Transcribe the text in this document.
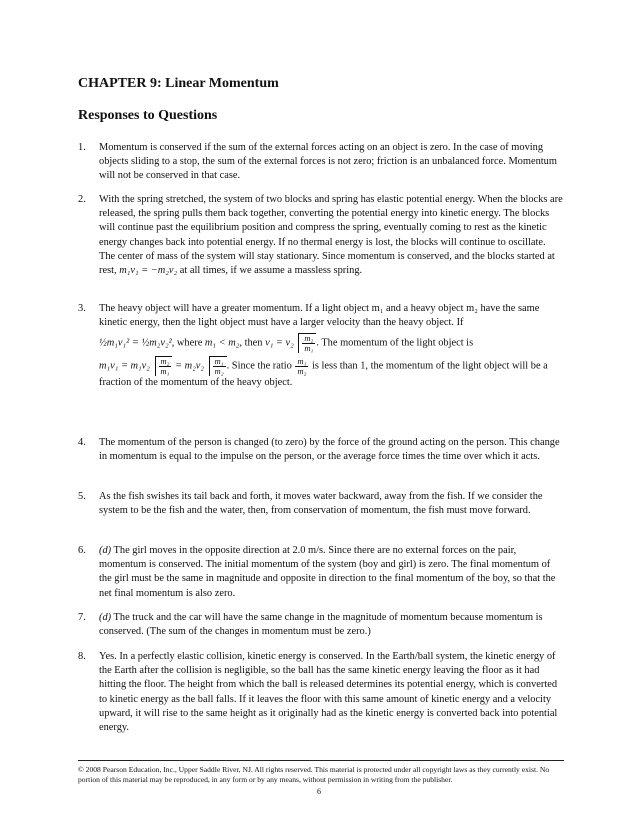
CHAPTER 9: Linear Momentum
Responses to Questions
1. Momentum is conserved if the sum of the external forces acting on an object is zero. In the case of moving objects sliding to a stop, the sum of the external forces is not zero; friction is an unbalanced force. Momentum will not be conserved in that case.

2. With the spring stretched, the system of two blocks and spring has elastic potential energy. When the blocks are released, the spring pulls them back together, converting the potential energy into kinetic energy. The blocks will continue past the equilibrium position and compress the spring, eventually coming to rest as the kinetic energy changes back into potential energy. If no thermal energy is lost, the blocks will continue to oscillate. The center of mass of the system will stay stationary. Since momentum is conserved, and the blocks started at rest, m₁v₁ = −m₂v₂ at all times, if we assume a massless spring.

3. The heavy object will have a greater momentum. If a light object m₁ and a heavy object m₂ have the same kinetic energy, then the light object must have a larger velocity than the heavy object. If

½m₁v₁² = ½m₂v₂², where m₁ < m₂, then $v_1 = v_2 \frac{\text{m₂}}{\text{m₁}}$ . The momentum of the light object is
$m_1v_1 = m_1v_2 \frac{\text{m₂}}{\text{m₁}} = m_2v_2 \frac{\text{m₁}}{\text{m₂}}$ . Since the ratio $\frac{\text{m₁}}{\text{m₂}}$ is less than 1, the momentum of the light object will be a fraction of the momentum of the heavy object.
4. The momentum of the person is changed (to zero) by the force of the ground acting on the person. This change in momentum is equal to the impulse on the person, or the average force times the time over which it acts.

5. As the fish swishes its tail back and forth, it moves water backward, away from the fish. If we consider the system to be the fish and the water, then, from conservation of momentum, the fish must move forward.

6. (d) The girl moves in the opposite direction at 2.0 m/s. Since there are no external forces on the pair, momentum is conserved. The initial momentum of the system (boy and girl) is zero. The final momentum of the girl must be the same in magnitude and opposite in direction to the final momentum of the boy, so that the net final momentum is also zero.

7. (d) The truck and the car will have the same change in the magnitude of momentum because momentum is conserved. (The sum of the changes in momentum must be zero.)

8. Yes. In a perfectly elastic collision, kinetic energy is conserved. In the Earth/ball system, the kinetic energy of the Earth after the collision is negligible, so the ball has the same kinetic energy leaving the floor as it had hitting the floor. The height from which the ball is released determines its potential energy, which is converted to kinetic energy as the ball falls. If it leaves the floor with this same amount of kinetic energy and a velocity upward, it will rise to the same height as it originally had as the kinetic energy is converted back into potential energy.

© 2008 Pearson Education, Inc., Upper Saddle River, NJ. All rights reserved. This material is protected under all copyright laws as they currently exist. No portion of this material may be reproduced, in any form or by any means, without permission in writing from the publisher.
6
